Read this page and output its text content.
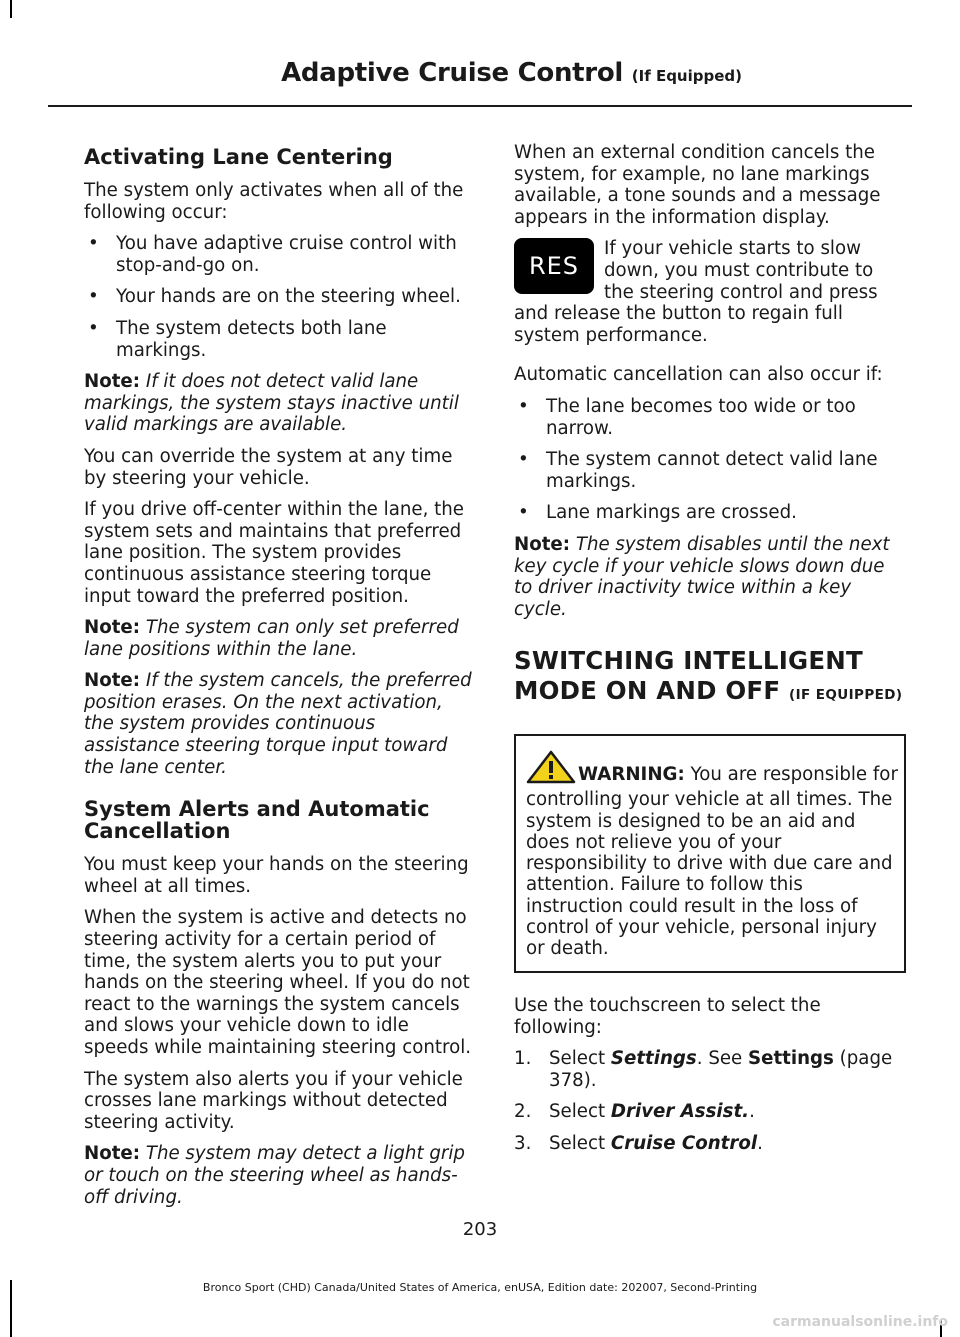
Adaptive Cruise Control (If Equipped)
Activating Lane Centering

The system only activates when all of the following occur:

• You have adaptive cruise control with stop-and-go on.
• Your hands are on the steering wheel.
• The system detects both lane markings.

Note: If it does not detect valid lane markings, the system stays inactive until valid markings are available.

You can override the system at any time by steering your vehicle.

If you drive off-center within the lane, the system sets and maintains that preferred lane position. The system provides continuous assistance steering torque input toward the preferred position.

Note: The system can only set preferred lane positions within the lane.

Note: If the system cancels, the preferred position erases. On the next activation, the system provides continuous assistance steering torque input toward the lane center.

System Alerts and Automatic Cancellation

You must keep your hands on the steering wheel at all times.

When the system is active and detects no steering activity for a certain period of time, the system alerts you to put your hands on the steering wheel. If you do not react to the warnings the system cancels and slows your vehicle down to idle speeds while maintaining steering control.

The system also alerts you if your vehicle crosses lane markings without detected steering activity.

Note: The system may detect a light grip or touch on the steering wheel as hands-off driving.

When an external condition cancels the system, for example, no lane markings available, a tone sounds and a message appears in the information display.

RES
If your vehicle starts to slow down, you must contribute to the steering control and press and release the button to regain full system performance.

Automatic cancellation can also occur if:

• The lane becomes too wide or too narrow.
• The system cannot detect valid lane markings.
• Lane markings are crossed.

Note: The system disables until the next key cycle if your vehicle slows down due to driver inactivity twice within a key cycle.

SWITCHING INTELLIGENT MODE ON AND OFF (IF EQUIPPED)
WARNING: You are responsible for controlling your vehicle at all times. The system is designed to be an aid and does not relieve you of your responsibility to drive with due care and attention. Failure to follow this instruction could result in the loss of control of your vehicle, personal injury or death.

Use the touchscreen to select the following:

1. Select Settings. See Settings (page 378).
2. Select Driver Assist..
3. Select Cruise Control.
203
Bronco Sport (CHD) Canada/United States of America, enUSA, Edition date: 202007, Second-Printing
carmanualsonline.info
